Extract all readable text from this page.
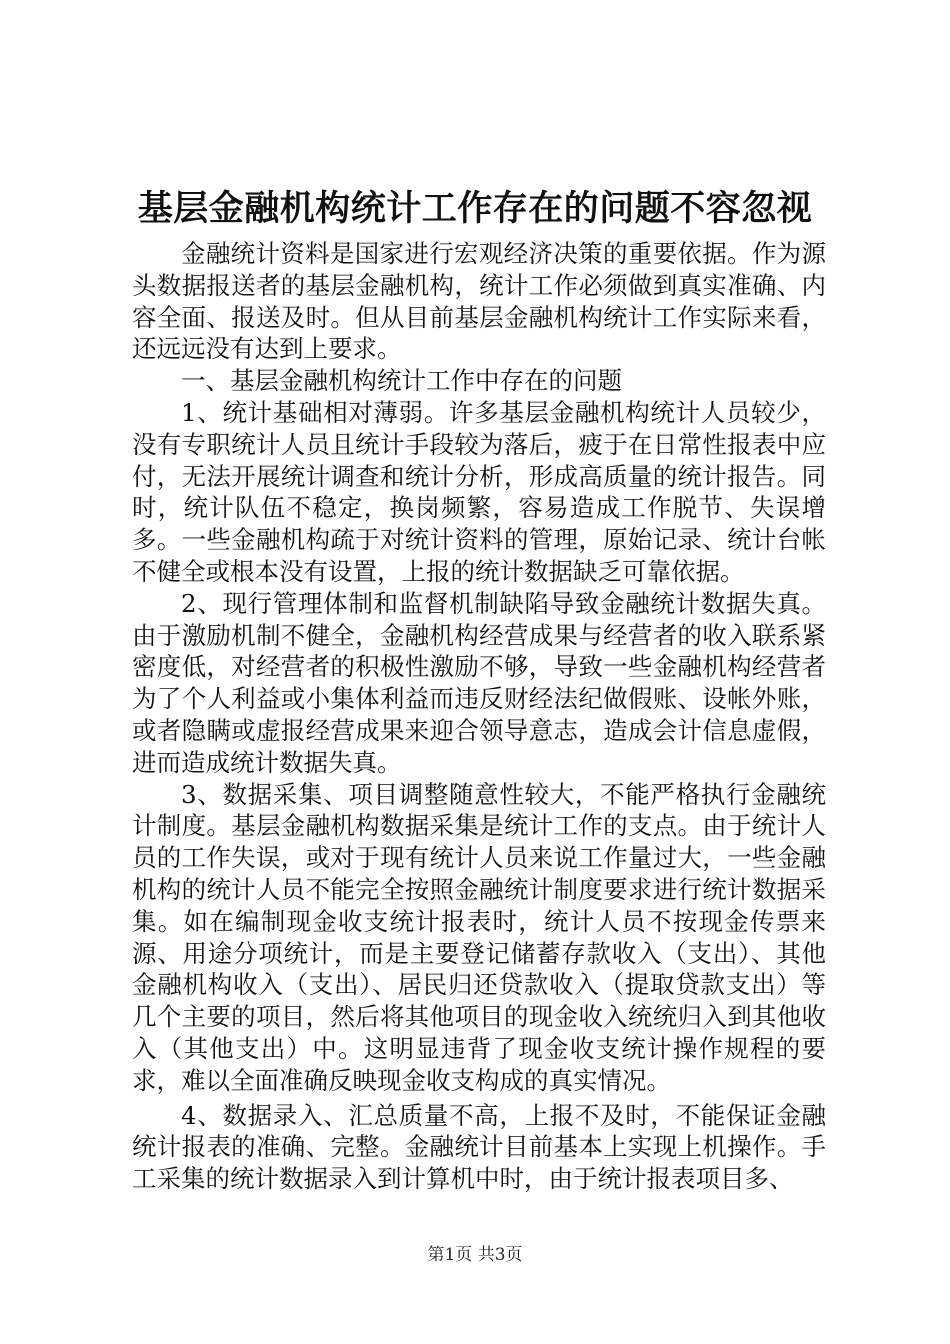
基层金融机构统计工作存在的问题不容忽视

金融统计资料是国家进行宏观经济决策的重要依据。作为源头数据报送者的基层金融机构，统计工作必须做到真实准确、内容全面、报送及时。但从目前基层金融机构统计工作实际来看，还远远没有达到上要求。

一、基层金融机构统计工作中存在的问题

1、统计基础相对薄弱。许多基层金融机构统计人员较少，没有专职统计人员且统计手段较为落后，疲于在日常性报表中应付，无法开展统计调查和统计分析，形成高质量的统计报告。同时，统计队伍不稳定，换岗频繁，容易造成工作脱节、失误增多。一些金融机构疏于对统计资料的管理，原始记录、统计台帐不健全或根本没有设置，上报的统计数据缺乏可靠依据。

2、现行管理体制和监督机制缺陷导致金融统计数据失真。由于激励机制不健全，金融机构经营成果与经营者的收入联系紧密度低，对经营者的积极性激励不够，导致一些金融机构经营者为了个人利益或小集体利益而违反财经法纪做假账、设帐外账，或者隐瞒或虚报经营成果来迎合领导意志，造成会计信息虚假，进而造成统计数据失真。

3、数据采集、项目调整随意性较大，不能严格执行金融统计制度。基层金融机构数据采集是统计工作的支点。由于统计人员的工作失误，或对于现有统计人员来说工作量过大，一些金融机构的统计人员不能完全按照金融统计制度要求进行统计数据采集。如在编制现金收支统计报表时，统计人员不按现金传票来源、用途分项统计，而是主要登记储蓄存款收入（支出）、其他金融机构收入（支出）、居民归还贷款收入（提取贷款支出）等几个主要的项目，然后将其他项目的现金收入统统归入到其他收入（其他支出）中。这明显违背了现金收支统计操作规程的要求，难以全面准确反映现金收支构成的真实情况。

4、数据录入、汇总质量不高，上报不及时，不能保证金融统计报表的准确、完整。金融统计目前基本上实现上机操作。手工采集的统计数据录入到计算机中时，由于统计报表项目多、

第1页 共3页
